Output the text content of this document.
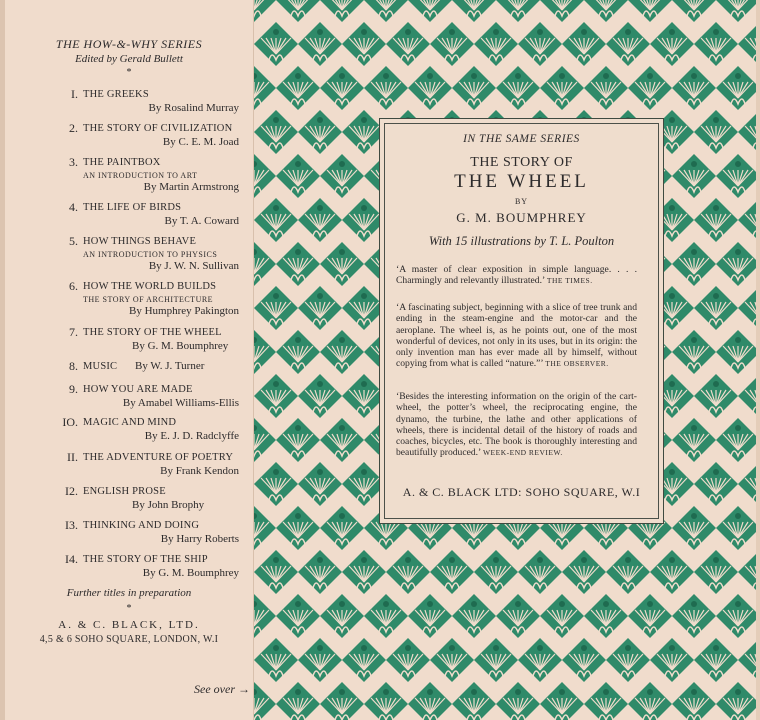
THE HOW-&-WHY SERIES
Edited by Gerald Bullett
*
I. THE GREEKS
By Rosalind Murray
2. THE STORY OF CIVILIZATION
By C. E. M. Joad
3. THE PAINTBOX
AN INTRODUCTION TO ART
By Martin Armstrong
4. THE LIFE OF BIRDS
By T. A. Coward
5. HOW THINGS BEHAVE
AN INTRODUCTION TO PHYSICS
By J. W. N. Sullivan
6. HOW THE WORLD BUILDS
THE STORY OF ARCHITECTURE
By Humphrey Pakington
7. THE STORY OF THE WHEEL
By G. M. Boumphrey
8. MUSIC By W. J. Turner
9. HOW YOU ARE MADE
By Amabel Williams-Ellis
IO. MAGIC AND MIND
By E. J. D. Radclyffe
II. THE ADVENTURE OF POETRY
By Frank Kendon
I2. ENGLISH PROSE
By John Brophy
I3. THINKING AND DOING
By Harry Roberts
I4. THE STORY OF THE SHIP
By G. M. Boumphrey
Further titles in preparation
*
A. & C. BLACK, LTD.
4,5 & 6 SOHO SQUARE, LONDON, W.I
See over →
IN THE SAME SERIES
THE STORY OF
THE WHEEL
BY
G. M. BOUMPHREY
With 15 illustrations by T. L. Poulton
‘A master of clear exposition in simple language. . . . Charmingly and relevantly illustrated.’ THE TIMES.
‘A fascinating subject, beginning with a slice of tree trunk and ending in the steam-engine and the motor-car and the aeroplane. The wheel is, as he points out, one of the most wonderful of devices, not only in its uses, but in its origin: the only invention man has ever made all by himself, without copying from what is called “nature.”’ THE OBSERVER.
‘Besides the interesting information on the origin of the cart-wheel, the potter’s wheel, the reciprocating engine, the dynamo, the turbine, the lathe and other applications of wheels, there is incidental detail of the history of roads and coaches, bicycles, etc. The book is thoroughly interesting and beautifully produced.’ WEEK-END REVIEW.
A. & C. BLACK LTD: SOHO SQUARE, W.I
